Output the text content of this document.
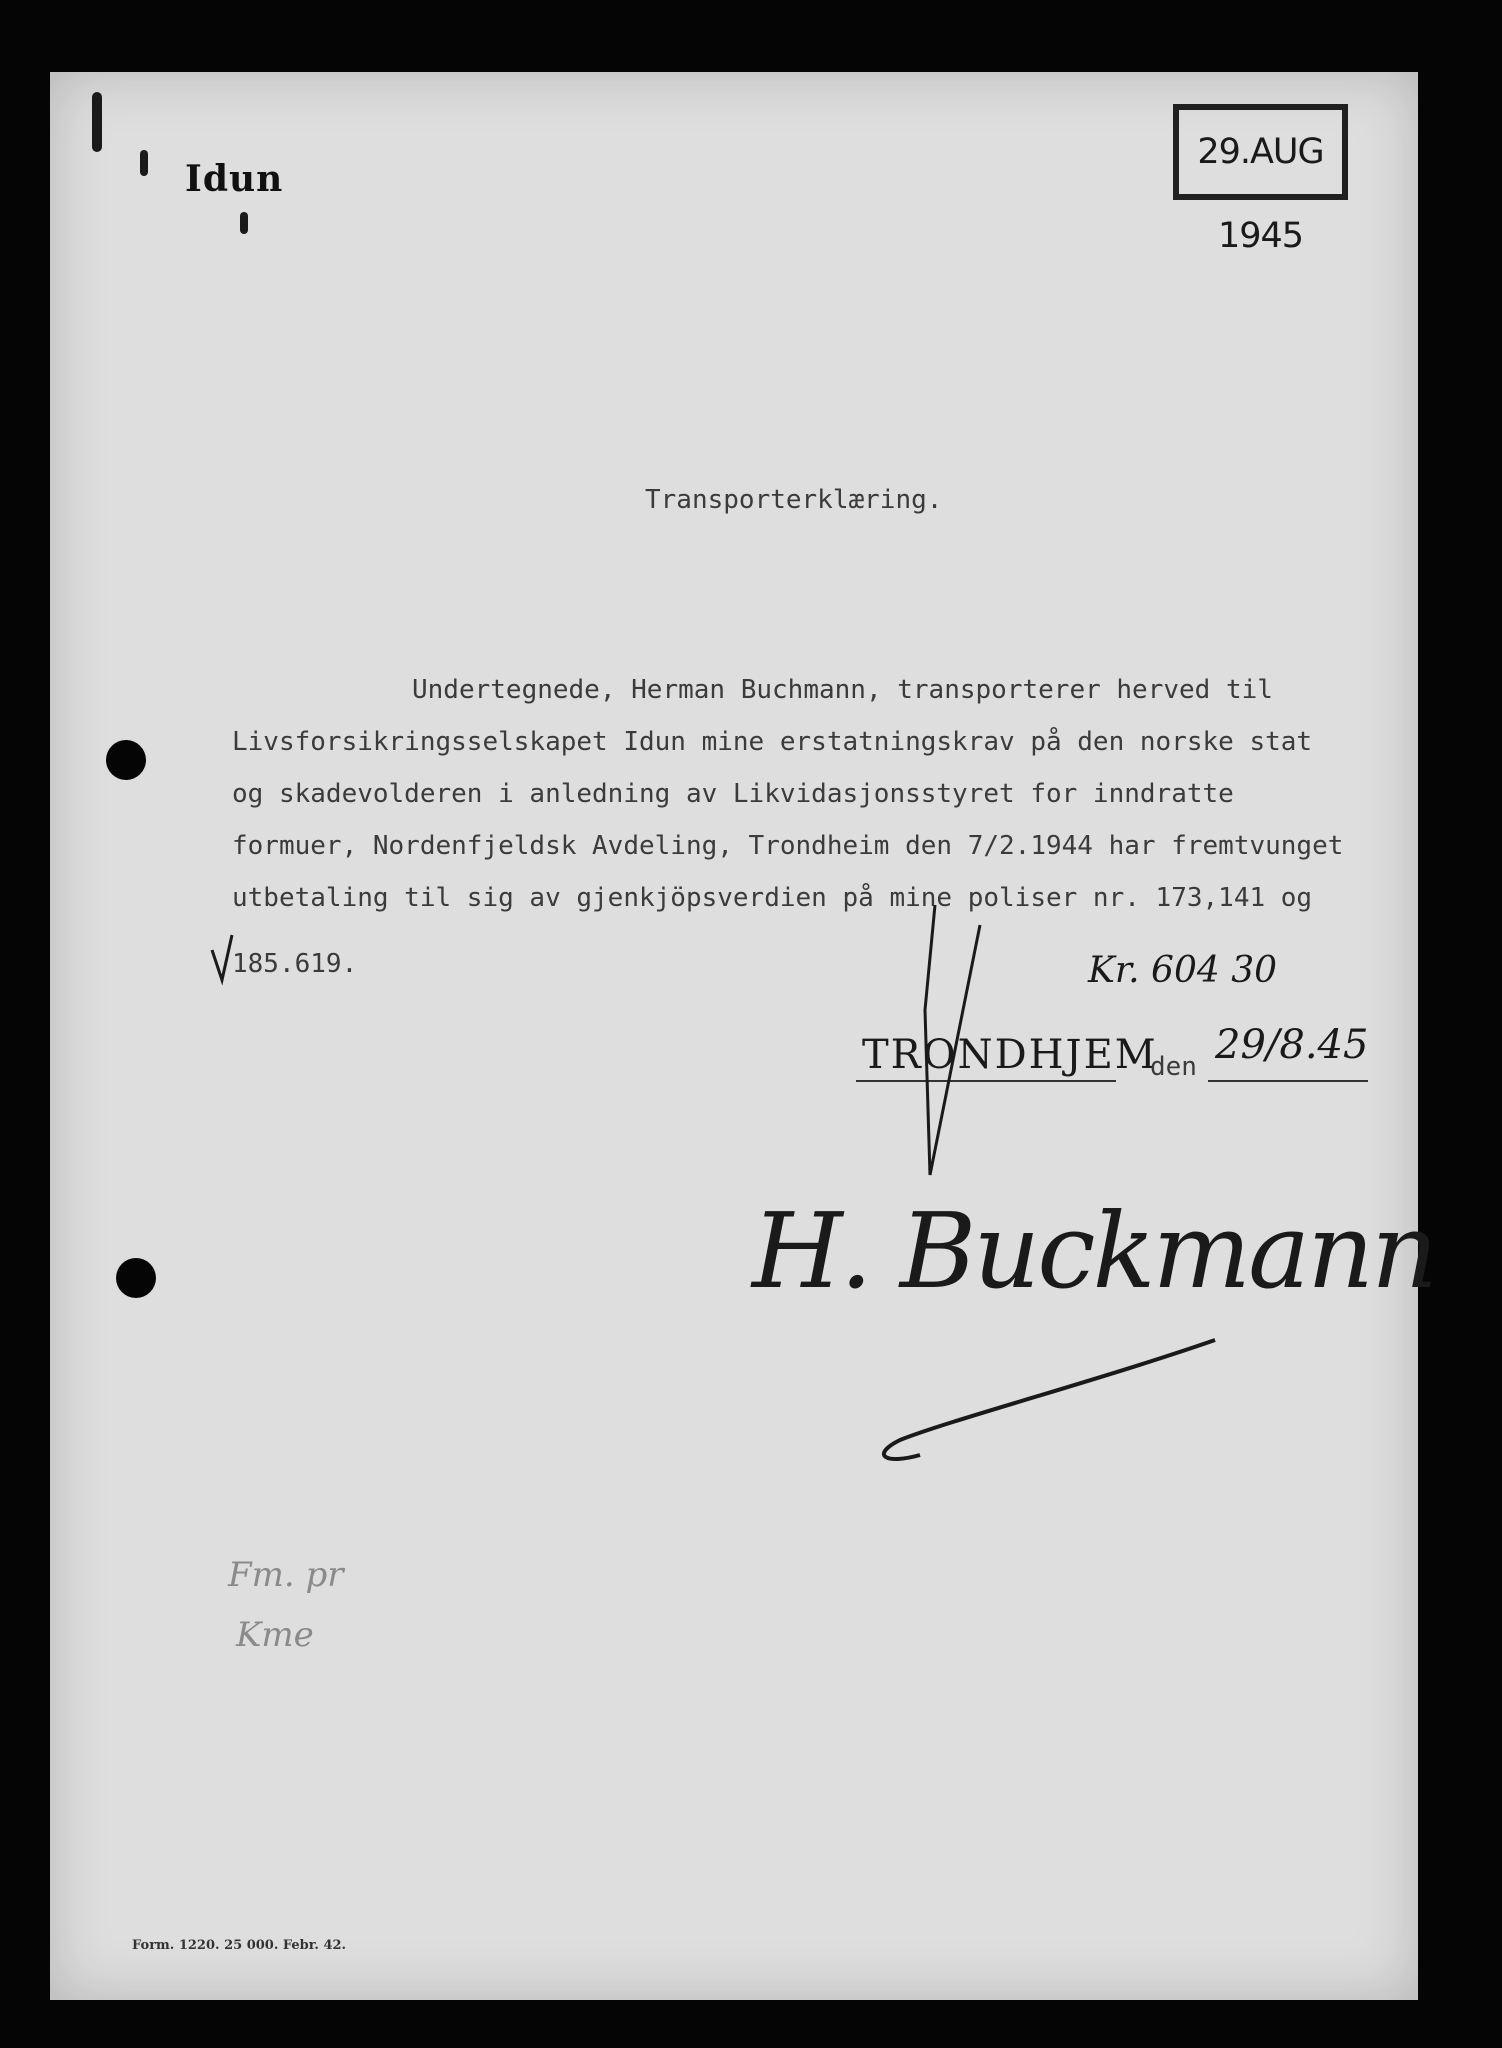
Idun
29.AUG 1945
Transporterklæring.
Undertegnede, Herman Buchmann, transporterer herved til
Livsforsikringsselskapet Idun mine erstatningskrav på den norske stat
og skadevolderen i anledning av Likvidasjonsstyret for inndratte
formuer, Nordenfjeldsk Avdeling, Trondheim den 7/2.1944 har fremtvunget
utbetaling til sig av gjenkjöpsverdien på mine poliser nr. 173,141 og
185.619.	Kr. 604 30
TRONDHJEM
den 29/8.45
H. Buckmann
Fm. pr
Kme
Form. 1220. 25 000. Febr. 42.
